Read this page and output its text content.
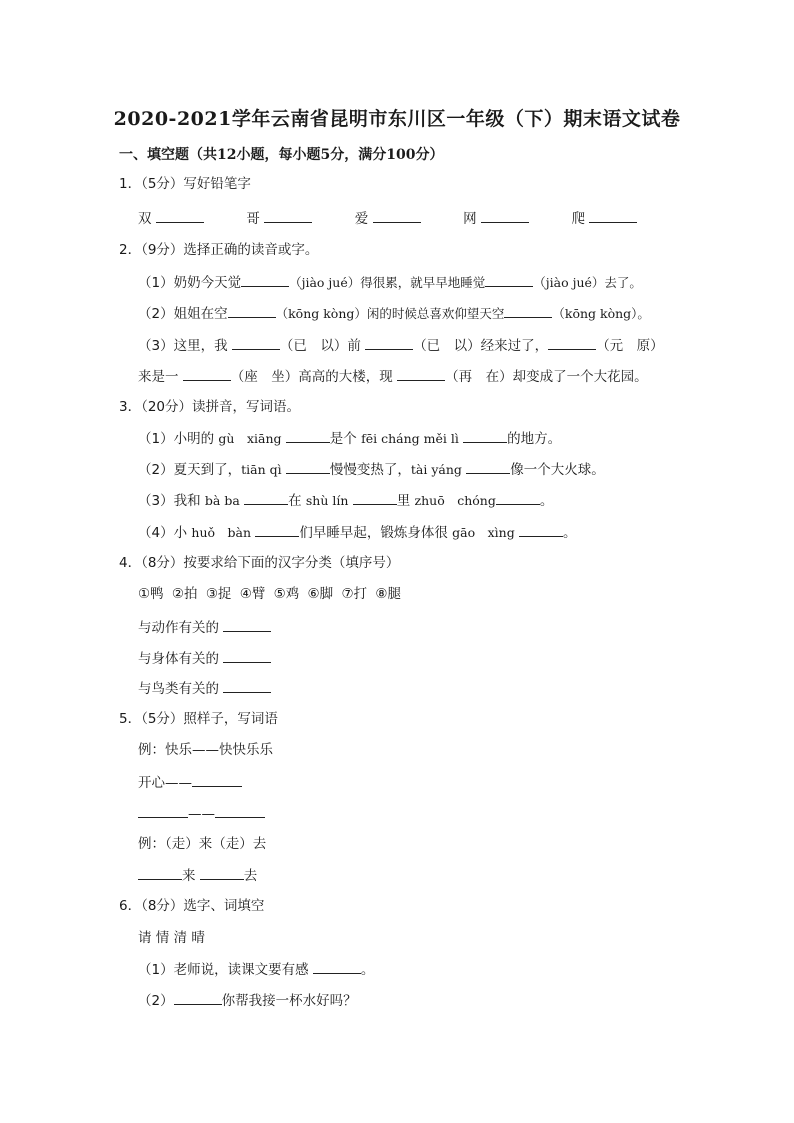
2020-2021学年云南省昆明市东川区一年级（下）期末语文试卷
一、填空题（共12小题，每小题5分，满分100分）
1．（5分）写好铅笔字
双	哥	爱	网	爬
2．（9分）选择正确的读音或字。
（1）奶奶今天觉	（jiào jué）得很累，就早早地睡觉	（jiào jué）去了。
（2）姐姐在空	（kōng kòng）闲的时候总喜欢仰望天空	（kōng kòng）。
（3）这里，我	（已　以）前	（已　以）经来过了，	（元　原）
来是一	（座　坐）高高的大楼，现	（再　在）却变成了一个大花园。
3．（20分）读拼音，写词语。
（1）小明的 gù　xiāng	是个 fēi cháng měi lì	的地方。
（2）夏天到了，tiān qì	慢慢变热了，tài yáng	像一个大火球。
（3）我和 bà ba	在 shù lín	里 zhuō　chóng	。
（4）小 huǒ　bàn	们早睡早起，锻炼身体很 gāo　xìng	。
4．（8分）按要求给下面的汉字分类（填序号）
①鸭 ②拍 ③捉 ④臂 ⑤鸡 ⑥脚 ⑦打 ⑧腿
与动作有关的
与身体有关的
与鸟类有关的
5．（5分）照样子，写词语
例：快乐——快快乐乐
开心——
——
例：（走）来（走）去
来	去
6．（8分）选字、词填空
请 情 清 晴
（1）老师说，读课文要有感	。
（2）	你帮我接一杯水好吗？
